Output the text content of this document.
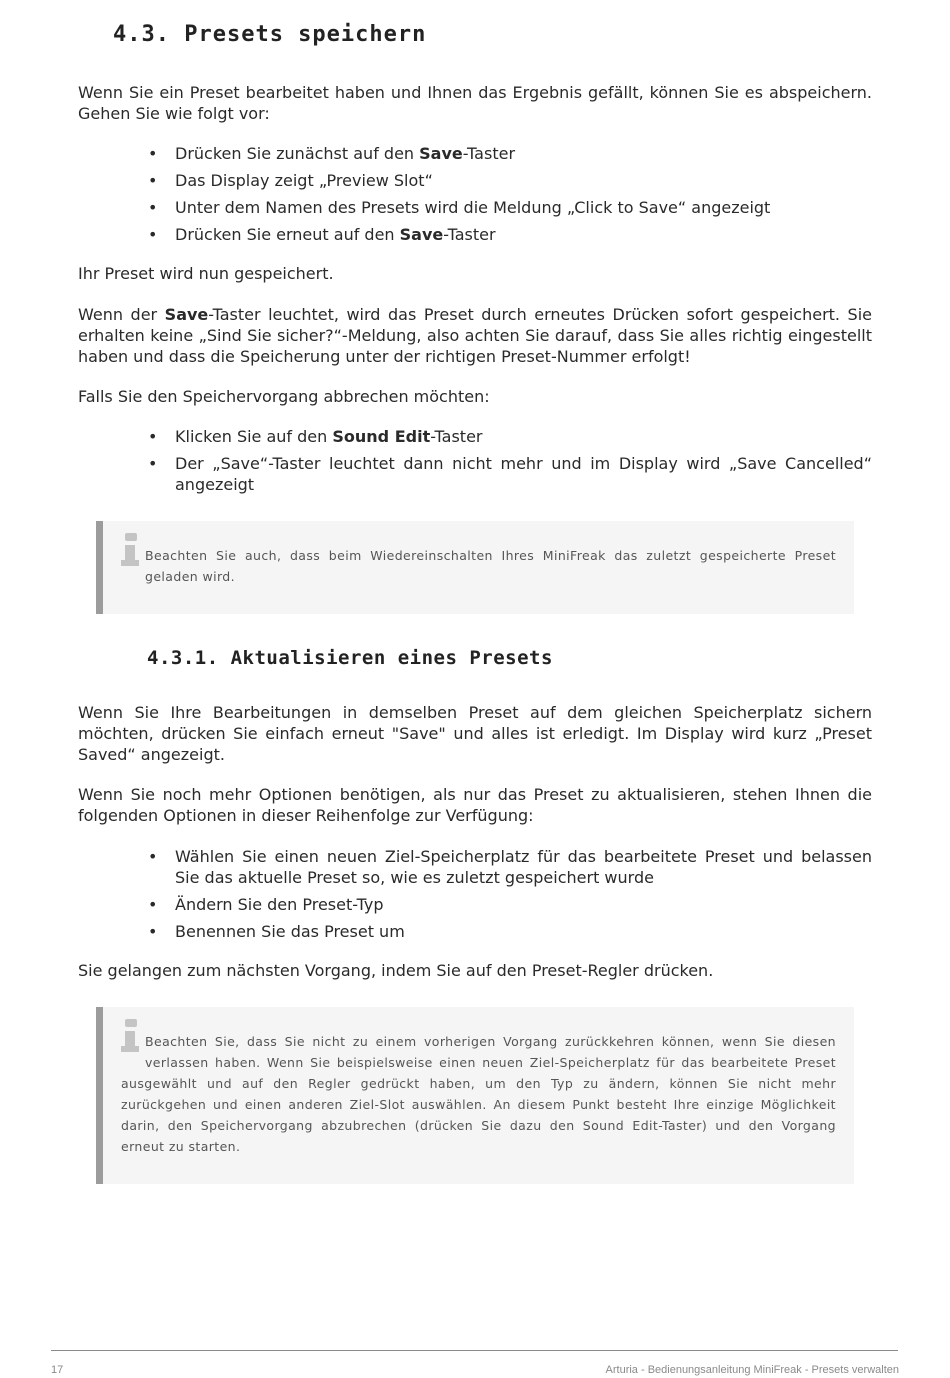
4.3. Presets speichern

Wenn Sie ein Preset bearbeitet haben und Ihnen das Ergebnis gefällt, können Sie es abspeichern. Gehen Sie wie folgt vor:

• Drücken Sie zunächst auf den Save-Taster
• Das Display zeigt „Preview Slot“
• Unter dem Namen des Presets wird die Meldung „Click to Save“ angezeigt
• Drücken Sie erneut auf den Save-Taster

Ihr Preset wird nun gespeichert.

Wenn der Save-Taster leuchtet, wird das Preset durch erneutes Drücken sofort gespeichert. Sie erhalten keine „Sind Sie sicher?“-Meldung, also achten Sie darauf, dass Sie alles richtig eingestellt haben und dass die Speicherung unter der richtigen Preset-Nummer erfolgt!

Falls Sie den Speichervorgang abbrechen möchten:

• Klicken Sie auf den Sound Edit-Taster
• Der „Save“-Taster leuchtet dann nicht mehr und im Display wird „Save Cancelled“ angezeigt
Beachten Sie auch, dass beim Wiedereinschalten Ihres MiniFreak das zuletzt gespeicherte Preset geladen wird.
4.3.1. Aktualisieren eines Presets

Wenn Sie Ihre Bearbeitungen in demselben Preset auf dem gleichen Speicherplatz sichern möchten, drücken Sie einfach erneut "Save" und alles ist erledigt. Im Display wird kurz „Preset Saved“ angezeigt.

Wenn Sie noch mehr Optionen benötigen, als nur das Preset zu aktualisieren, stehen Ihnen die folgenden Optionen in dieser Reihenfolge zur Verfügung:

• Wählen Sie einen neuen Ziel-Speicherplatz für das bearbeitete Preset und belassen Sie das aktuelle Preset so, wie es zuletzt gespeichert wurde
• Ändern Sie den Preset-Typ
• Benennen Sie das Preset um

Sie gelangen zum nächsten Vorgang, indem Sie auf den Preset-Regler drücken.

Beachten Sie, dass Sie nicht zu einem vorherigen Vorgang zurückkehren können, wenn Sie diesen verlassen haben. Wenn Sie beispielsweise einen neuen Ziel-Speicherplatz für das bearbeitete Preset ausgewählt und auf den Regler gedrückt haben, um den Typ zu ändern, können Sie nicht mehr zurückgehen und einen anderen Ziel-Slot auswählen. An diesem Punkt besteht Ihre einzige Möglichkeit darin, den Speichervorgang abzubrechen (drücken Sie dazu den Sound Edit-Taster) und den Vorgang erneut zu starten.
17	Arturia - Bedienungsanleitung MiniFreak - Presets verwalten
